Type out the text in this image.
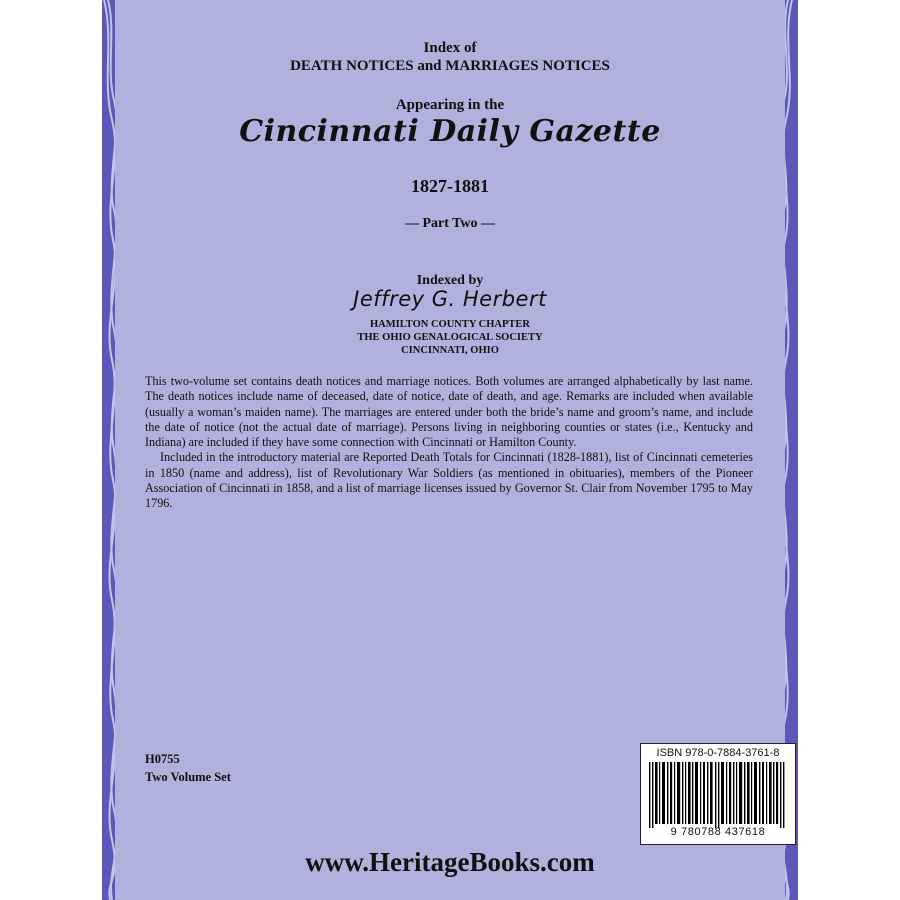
Index of
DEATH NOTICES and MARRIAGES NOTICES
Appearing in the
Cincinnati Daily Gazette
1827-1881
— Part Two —
Indexed by
Jeffrey G. Herbert
HAMILTON COUNTY CHAPTER
THE OHIO GENALOGICAL SOCIETY
CINCINNATI, OHIO

This two-volume set contains death notices and marriage notices. Both volumes are arranged alphabetically by last name. The death notices include name of deceased, date of notice, date of death, and age. Remarks are included when available (usually a woman’s maiden name). The marriages are entered under both the bride’s name and groom’s name, and include the date of notice (not the actual date of marriage). Persons living in neighboring counties or states (i.e., Kentucky and Indiana) are included if they have some connection with Cincinnati or Hamilton County.

Included in the introductory material are Reported Death Totals for Cincinnati (1828-1881), list of Cincinnati cemeteries in 1850 (name and address), list of Revolutionary War Soldiers (as mentioned in obituaries), members of the Pioneer Association of Cincinnati in 1858, and a list of marriage licenses issued by Governor St. Clair from November 1795 to May 1796.

H0755
Two Volume Set
ISBN 978-0-7884-3761-8
9 780788 437618
www.HeritageBooks.com
